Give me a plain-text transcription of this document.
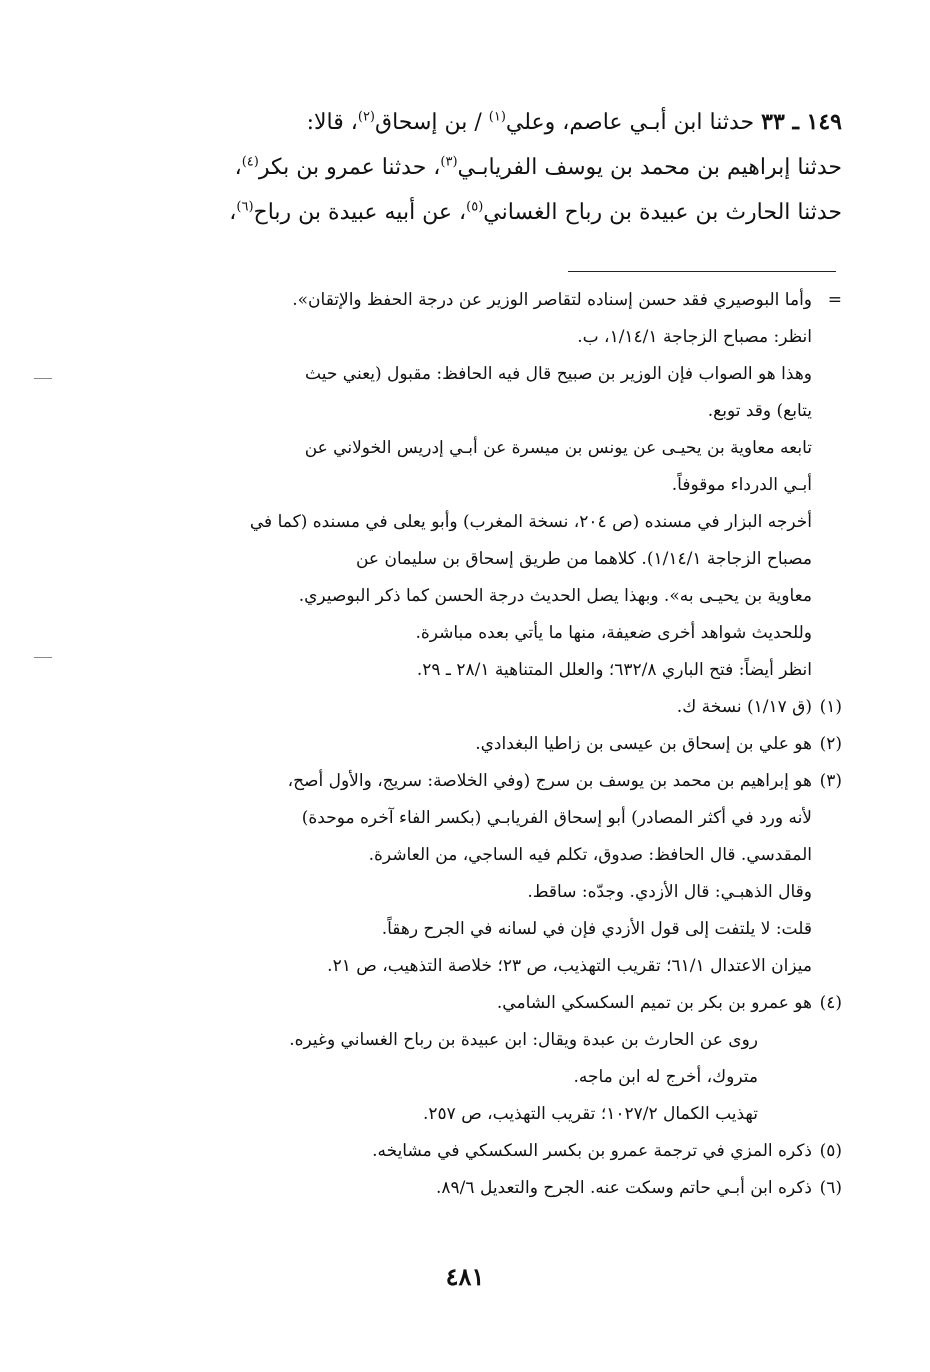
١٤٩ ـ ٣٣ حدثنا ابن أبـي عاصم، وعلي$^{(١)}$ / بن إسحاق$^{(٢)}$، قالا:

حدثنا إبراهيم بن محمد بن يوسف الفريابـي$^{(٣)}$، حدثنا عمرو بن بكر$^{(٤)}$،

حدثنا الحارث بن عبيدة بن رباح الغساني$^{(٥)}$، عن أبيه عبيدة بن رباح$^{(٦)}$،

=

وأما البوصيري فقد حسن إسناده لتقاصر الوزير عن درجة الحفظ والإتقان».

انظر: مصباح الزجاجة ١/١٤/١، ب.

وهذا هو الصواب فإن الوزير بن صبيح قال فيه الحافظ: مقبول (يعني حيث

يتابع) وقد توبع.

تابعه معاوية بن يحيـى عن يونس بن ميسرة عن أبـي إدريس الخولاني عن

أبـي الدرداء موقوفاً.

أخرجه البزار في مسنده (ص ٢٠٤، نسخة المغرب) وأبو يعلى في مسنده (كما في

مصباح الزجاجة ١/١٤/١). كلاهما من طريق إسحاق بن سليمان عن

معاوية بن يحيـى به». وبهذا يصل الحديث درجة الحسن كما ذكر البوصيري.

وللحديث شواهد أخرى ضعيفة، منها ما يأتي بعده مباشرة.

انظر أيضاً: فتح الباري ٦٣٢/٨؛ والعلل المتناهية ٢٨/١ ـ ٢٩.

(١)
(ق ١/١٧) نسخة ك.
(٢)
هو علي بن إسحاق بن عيسى بن زاطيا البغدادي.
(٣)

هو إبراهيم بن محمد بن يوسف بن سرج (وفي الخلاصة: سريج، والأول أصح،

لأنه ورد في أكثر المصادر) أبو إسحاق الفريابـي (بكسر الفاء آخره موحدة)

المقدسي. قال الحافظ: صدوق، تكلم فيه الساجي، من العاشرة.

وقال الذهبـي: قال الأزدي. وجدّه: ساقط.

قلت: لا يلتفت إلى قول الأزدي فإن في لسانه في الجرح رهقاً.

ميزان الاعتدال ٦١/١؛ تقريب التهذيب، ص ٢٣؛ خلاصة التذهيب، ص ٢١.

(٤)
هو عمرو بن بكر بن تميم السكسكي الشامي.

روى عن الحارث بن عبدة ويقال: ابن عبيدة بن رباح الغساني وغيره.

متروك، أخرج له ابن ماجه.

تهذيب الكمال ١٠٢٧/٢؛ تقريب التهذيب، ص ٢٥٧.

(٥)
ذكره المزي في ترجمة عمرو بن بكسر السكسكي في مشايخه.
(٦)
ذكره ابن أبـي حاتم وسكت عنه. الجرح والتعديل ٨٩/٦.
٤٨١
